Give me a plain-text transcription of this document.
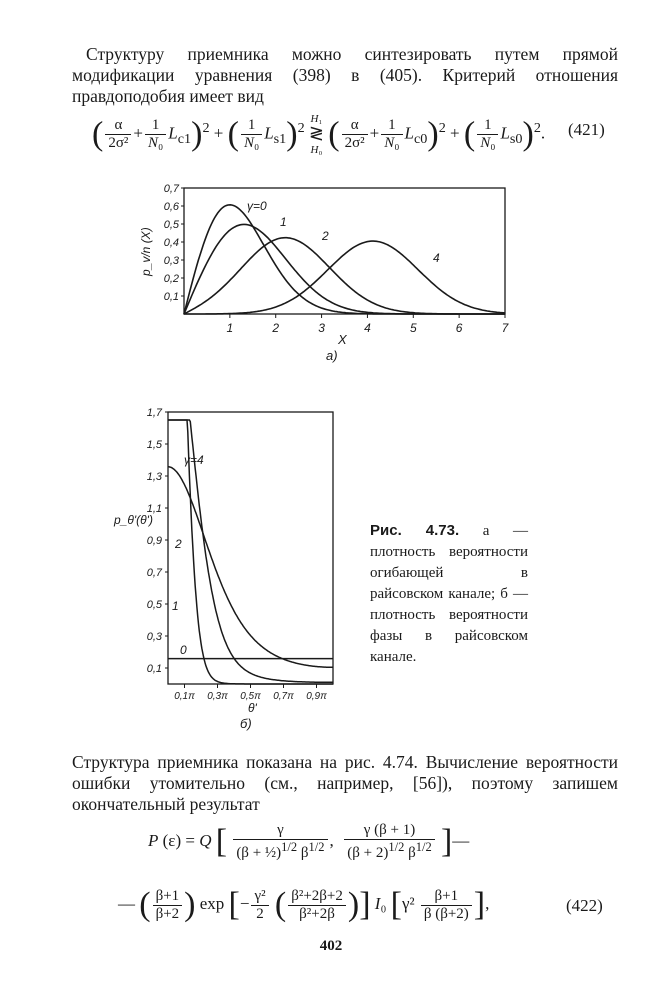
Структуру приемника можно синтезировать путем прямой модификации уравнения (398) в (405). Критерий отношения правдоподобия имеет вид
( $\frac{\alpha}{\text{2σ²}} + \frac{1}{\text{N₀}} L_{c1})^2$ + ( $\frac{1}{\text{N₀}} L_{s1})^2$ H₁
≷
H₀ ( $\frac{\alpha}{\text{2σ²}} + \frac{1}{\text{N₀}} L_{c0})^2$ + ( $\frac{1}{\text{N₀}} L_{s0})^2$. (421)
1	2	3	4	5	6	7
0,1
0,2
0,3
0,4
0,5
0,6
0,7
X
а)
p_v/n (X)
γ=0
1
2
4
0,1π 0,3π 0,5π 0,7π 0,9π
0,1
0,3
0,5
0,7
0,9
1,1
1,3
1,5
1,7
θ'
б)
p_θ'(θ')
γ=4
2
1
0
Рис. 4.73. а — плотность вероятности огибающей в райсовском канале; б — плотность вероятности фазы в райсовском канале.
Структура приемника показана на рис. 4.74. Вычисление вероятности ошибки утомительно (см., например, [56]), поэтому запишем окончательный результат
P (ε) = Q [ $\frac{\gamma}{(\beta + \frac{1}{2})^{1/2} \beta^{1/2}}$ , $\frac{\gamma (\beta + 1)}{(\beta + 2)^{1/2} \beta^{1/2}}$ ]—
— ( $\frac{\beta+1}{\beta+2}$ ) exp [− $\frac{\text{γ²}}{2}$ ( $\frac{\text{β²+2β+2}}{\text{β²+2β}}$ )] I₀ [$\gamma^2 \frac{\beta+1}{\beta (\beta+2)}$ ],	(422)
402
